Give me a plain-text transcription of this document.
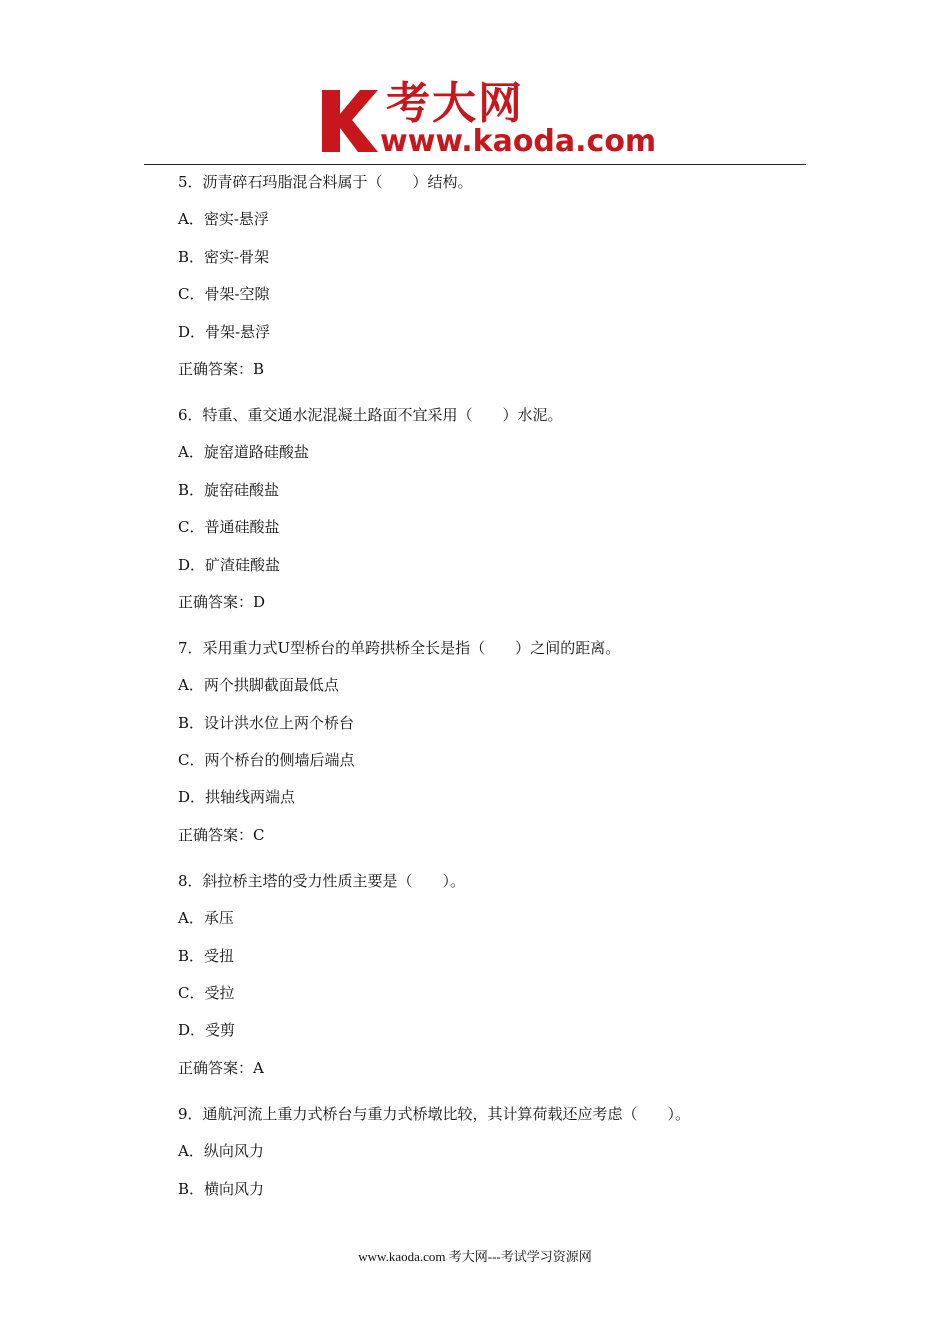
考大网
www.kaoda.com
5．沥青碎石玛脂混合料属于（　　）结构。
A．密实-悬浮
B．密实-骨架
C．骨架-空隙
D．骨架-悬浮
正确答案：B
6．特重、重交通水泥混凝土路面不宜采用（　　）水泥。
A．旋窑道路硅酸盐
B．旋窑硅酸盐
C．普通硅酸盐
D．矿渣硅酸盐
正确答案：D
7．采用重力式U型桥台的单跨拱桥全长是指（　　）之间的距离。
A．两个拱脚截面最低点
B．设计洪水位上两个桥台
C．两个桥台的侧墙后端点
D．拱轴线两端点
正确答案：C
8．斜拉桥主塔的受力性质主要是（　　）。
A．承压
B．受扭
C．受拉
D．受剪
正确答案：A
9．通航河流上重力式桥台与重力式桥墩比较，其计算荷载还应考虑（　　）。
A．纵向风力
B．横向风力
www.kaoda.com 考大网---考试学习资源网
